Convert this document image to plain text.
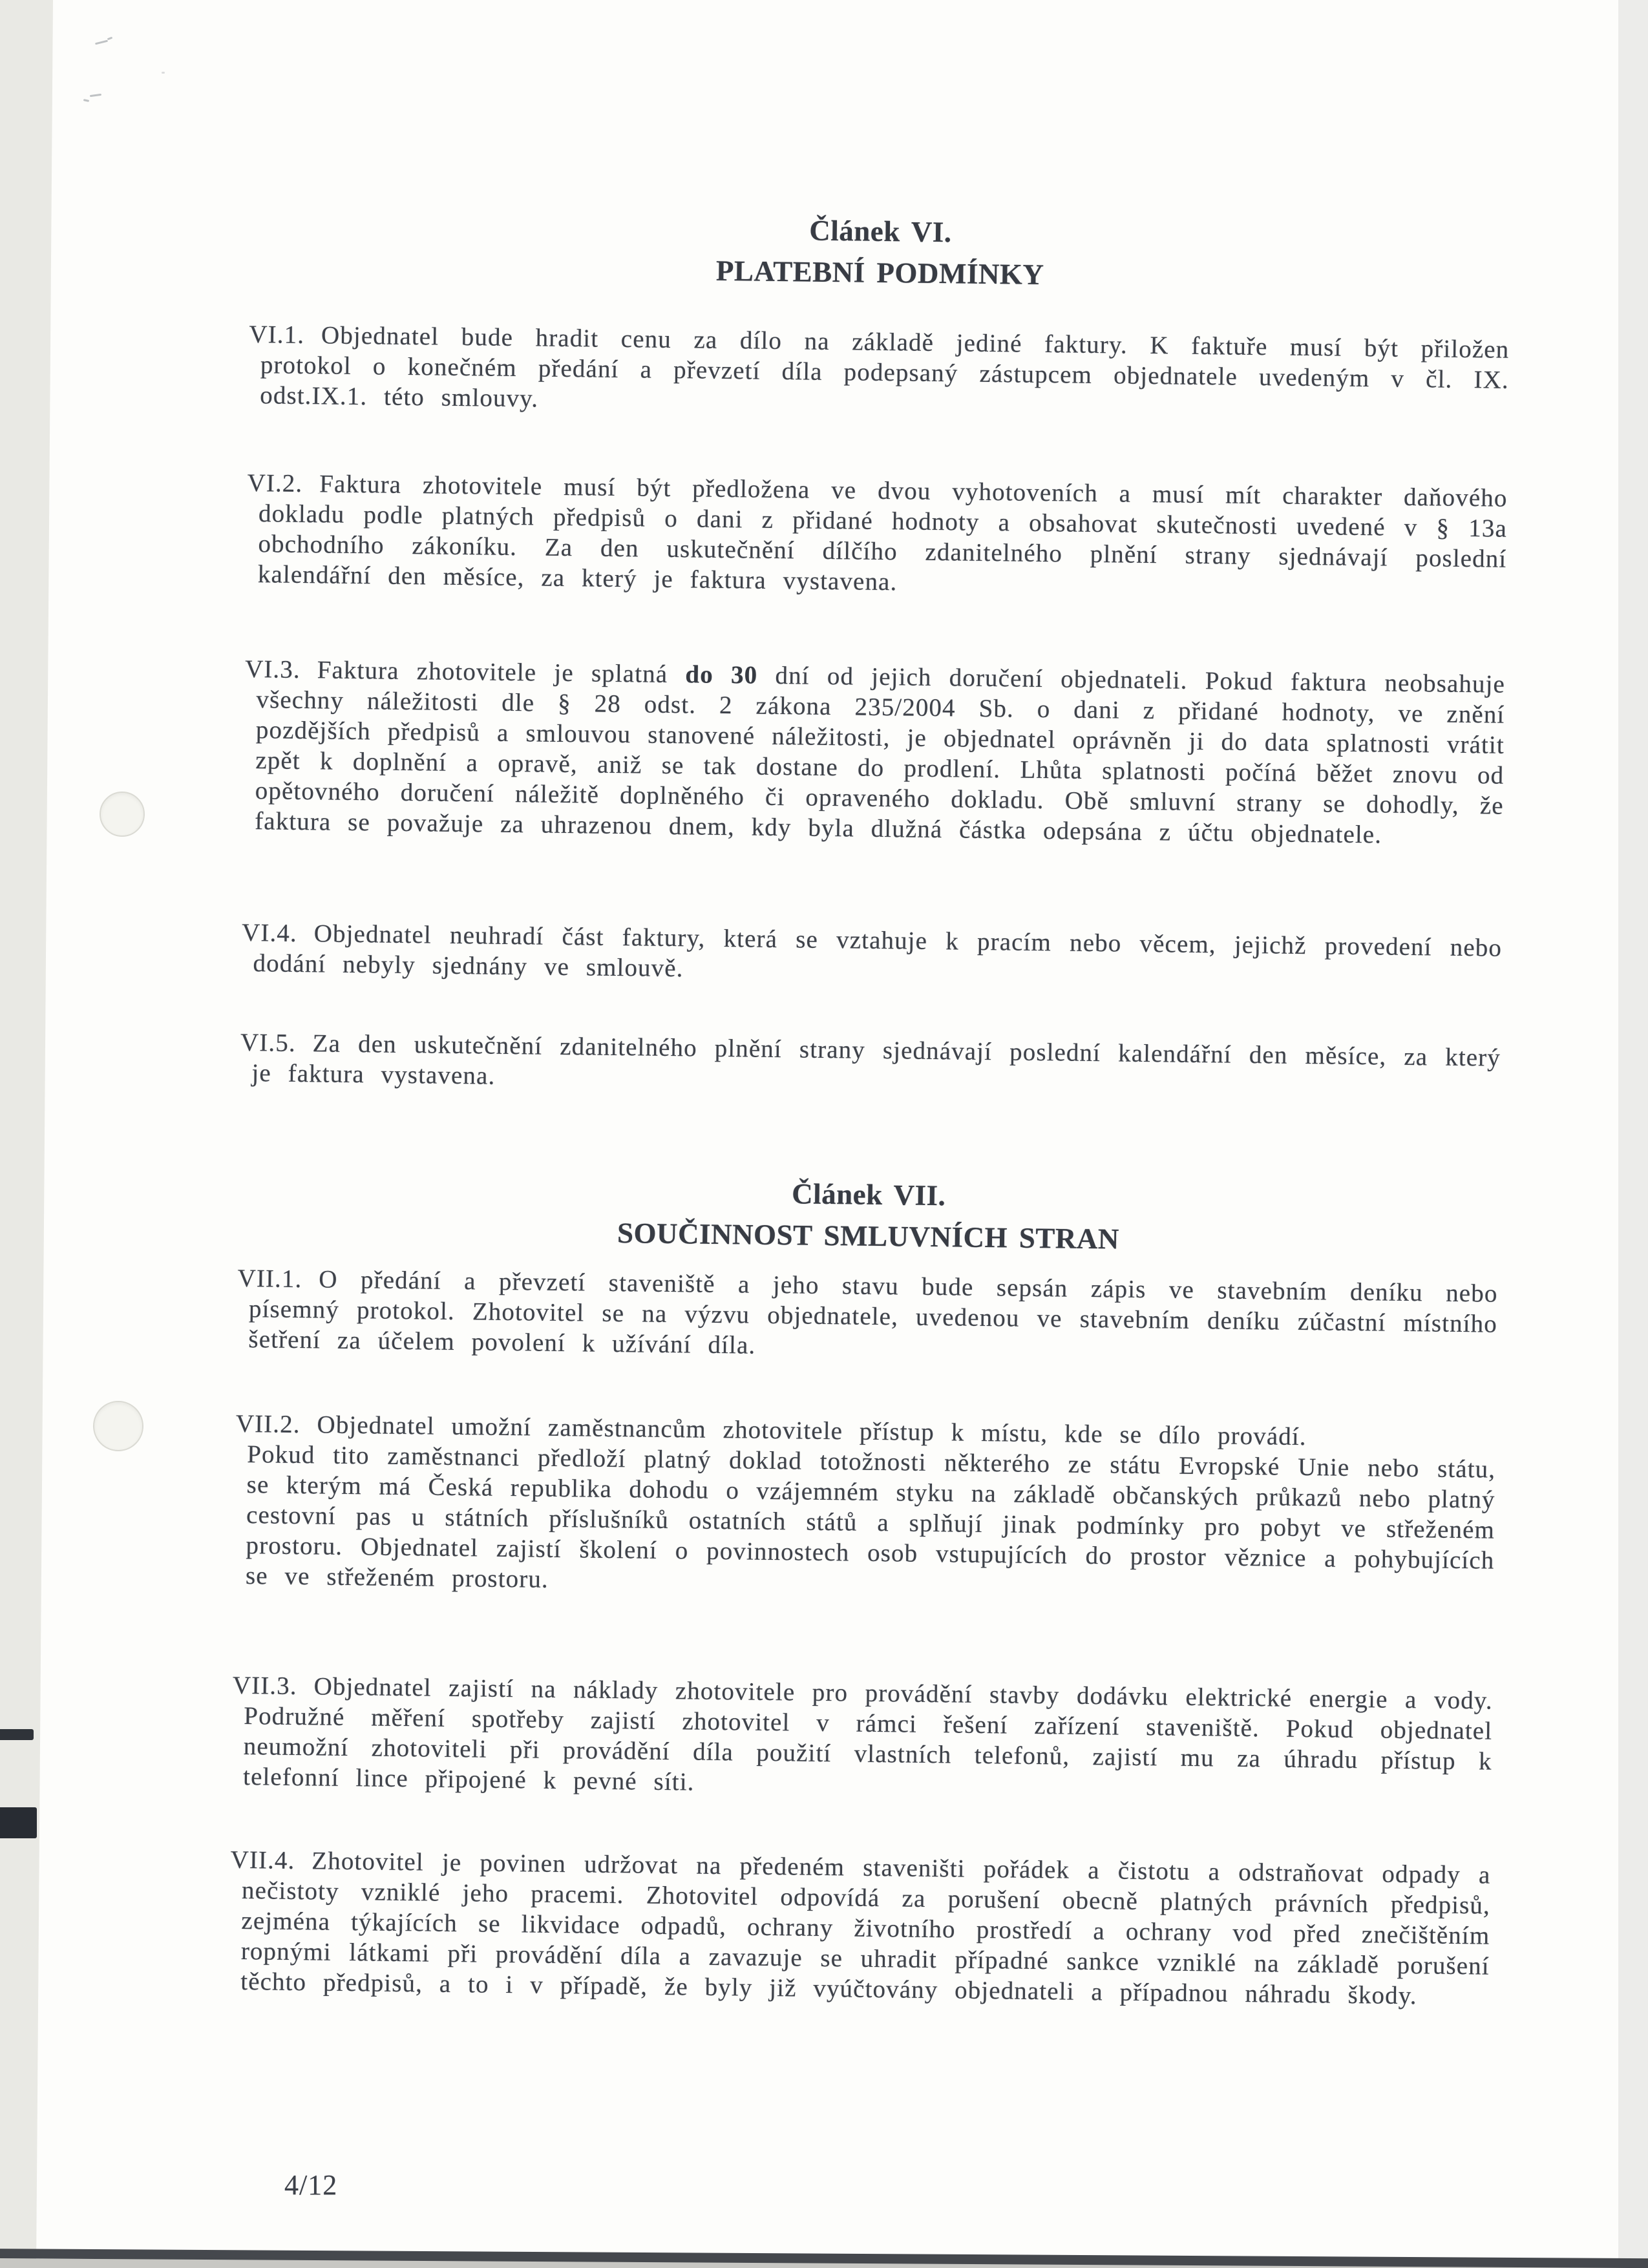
Článek VI.
PLATEBNÍ PODMÍNKY

VI.1. Objednatel bude hradit cenu za dílo na základě jediné faktury. K faktuře musí být přiložen protokol o konečném předání a převzetí díla podepsaný zástupcem objednatele uvedeným v čl. IX. odst.IX.1. této smlouvy.

VI.2. Faktura zhotovitele musí být předložena ve dvou vyhotoveních a musí mít charakter daňového dokladu podle platných předpisů o dani z přidané hodnoty a obsahovat skutečnosti uvedené v § 13a obchodního zákoníku. Za den uskutečnění dílčího zdanitelného plnění strany sjednávají poslední kalendářní den měsíce, za který je faktura vystavena.

VI.3. Faktura zhotovitele je splatná do 30 dní od jejich doručení objednateli. Pokud faktura neobsahuje všechny náležitosti dle § 28 odst. 2 zákona 235/2004 Sb. o dani z přidané hodnoty, ve znění pozdějších předpisů a smlouvou stanovené náležitosti, je objednatel oprávněn ji do data splatnosti vrátit zpět k doplnění a opravě, aniž se tak dostane do prodlení. Lhůta splatnosti počíná běžet znovu od opětovného doručení náležitě doplněného či opraveného dokladu. Obě smluvní strany se dohodly, že faktura se považuje za uhrazenou dnem, kdy byla dlužná částka odepsána z účtu objednatele.

VI.4. Objednatel neuhradí část faktury, která se vztahuje k pracím nebo věcem, jejichž provedení nebo dodání nebyly sjednány ve smlouvě.

VI.5. Za den uskutečnění zdanitelného plnění strany sjednávají poslední kalendářní den měsíce, za který je faktura vystavena.

Článek VII.
SOUČINNOST SMLUVNÍCH STRAN

VII.1. O předání a převzetí staveniště a jeho stavu bude sepsán zápis ve stavebním deníku nebo písemný protokol. Zhotovitel se na výzvu objednatele, uvedenou ve stavebním deníku zúčastní místního šetření za účelem povolení k užívání díla.

VII.2. Objednatel umožní zaměstnancům zhotovitele přístup k místu, kde se dílo provádí.

Pokud tito zaměstnanci předloží platný doklad totožnosti některého ze státu Evropské Unie nebo státu, se kterým má Česká republika dohodu o vzájemném styku na základě občanských průkazů nebo platný cestovní pas u státních příslušníků ostatních států a splňují jinak podmínky pro pobyt ve střeženém prostoru. Objednatel zajistí školení o povinnostech osob vstupujících do prostor věznice a pohybujících se ve střeženém prostoru.

VII.3. Objednatel zajistí na náklady zhotovitele pro provádění stavby dodávku elektrické energie a vody. Podružné měření spotřeby zajistí zhotovitel v rámci řešení zařízení staveniště. Pokud objednatel neumožní zhotoviteli při provádění díla použití vlastních telefonů, zajistí mu za úhradu přístup k telefonní lince připojené k pevné síti.

VII.4. Zhotovitel je povinen udržovat na předeném staveništi pořádek a čistotu a odstraňovat odpady a nečistoty vzniklé jeho pracemi. Zhotovitel odpovídá za porušení obecně platných právních předpisů, zejména týkajících se likvidace odpadů, ochrany životního prostředí a ochrany vod před znečištěním ropnými látkami při provádění díla a zavazuje se uhradit případné sankce vzniklé na základě porušení těchto předpisů, a to i v případě, že byly již vyúčtovány objednateli a případnou náhradu škody.

4/12
